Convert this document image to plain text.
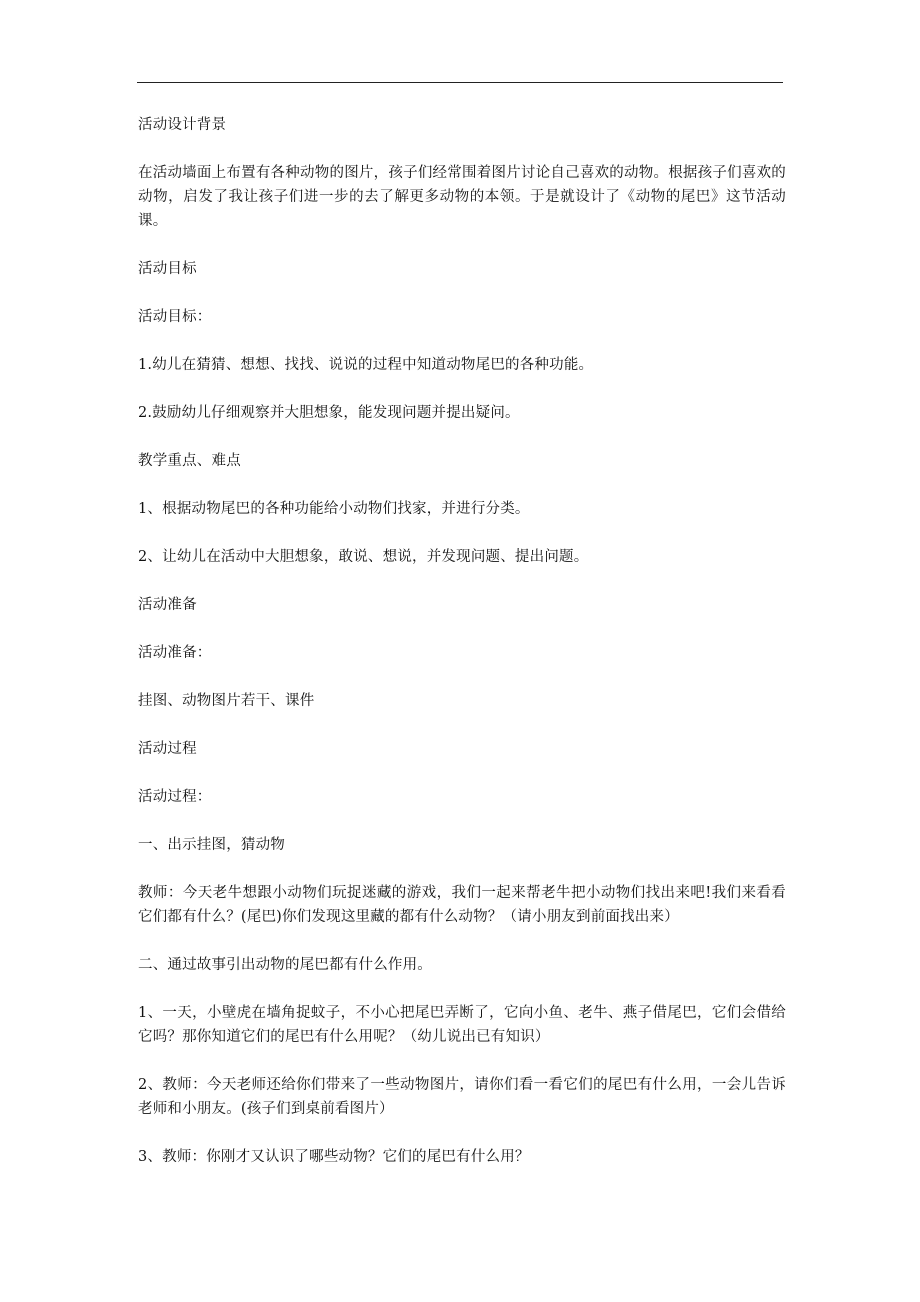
活动设计背景

在活动墙面上布置有各种动物的图片，孩子们经常围着图片讨论自己喜欢的动物。根据孩子们喜欢的动物，启发了我让孩子们进一步的去了解更多动物的本领。于是就设计了《动物的尾巴》这节活动课。

活动目标

活动目标：

1.幼儿在猜猜、想想、找找、说说的过程中知道动物尾巴的各种功能。

2.鼓励幼儿仔细观察并大胆想象，能发现问题并提出疑问。

教学重点、难点

1、根据动物尾巴的各种功能给小动物们找家，并进行分类。

2、让幼儿在活动中大胆想象，敢说、想说，并发现问题、提出问题。

活动准备

活动准备：

挂图、动物图片若干、课件

活动过程

活动过程：

一、出示挂图，猜动物

教师：今天老牛想跟小动物们玩捉迷藏的游戏，我们一起来帮老牛把小动物们找出来吧!我们来看看它们都有什么？(尾巴)你们发现这里藏的都有什么动物？（请小朋友到前面找出来）

二、通过故事引出动物的尾巴都有什么作用。

1、一天，小壁虎在墙角捉蚊子，不小心把尾巴弄断了，它向小鱼、老牛、燕子借尾巴，它们会借给它吗？那你知道它们的尾巴有什么用呢？（幼儿说出已有知识）

2、教师：今天老师还给你们带来了一些动物图片，请你们看一看它们的尾巴有什么用，一会儿告诉老师和小朋友。(孩子们到桌前看图片）

3、教师：你刚才又认识了哪些动物？它们的尾巴有什么用？
